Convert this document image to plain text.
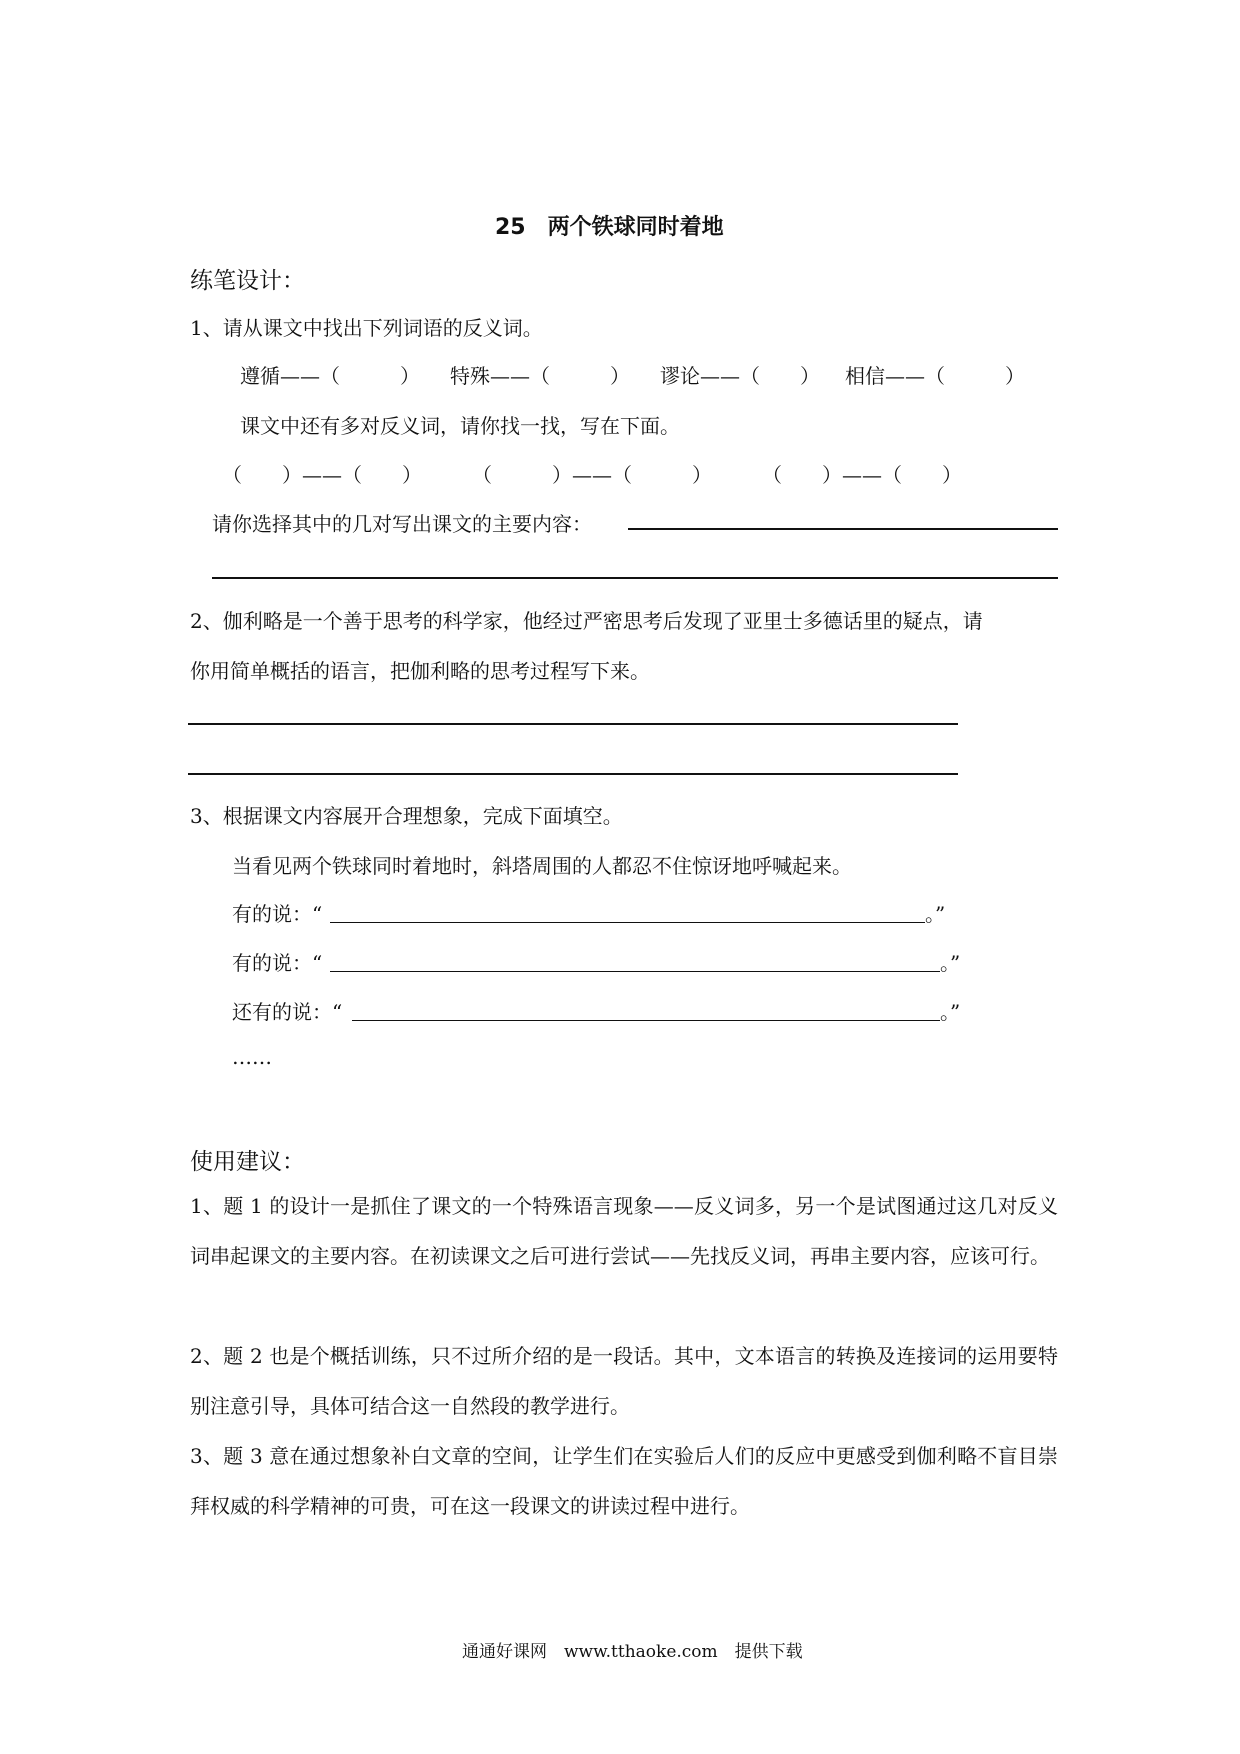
25　两个铁球同时着地
练笔设计：
1、请从课文中找出下列词语的反义词。
遵循——（　　　） 特殊——（　　　） 谬论——（　　） 相信——（　　　）
课文中还有多对反义词，请你找一找，写在下面。
（　　）——（　　）	（　　　）——（　　　）	（　　）——（　　）
请你选择其中的几对写出课文的主要内容：
2、伽利略是一个善于思考的科学家，他经过严密思考后发现了亚里士多德话里的疑点，请
你用简单概括的语言，把伽利略的思考过程写下来。
3、根据课文内容展开合理想象，完成下面填空。
当看见两个铁球同时着地时，斜塔周围的人都忍不住惊讶地呼喊起来。
有的说：“	。”
有的说：“	。”
还有的说：“	。”
……
使用建议：
1、题 1 的设计一是抓住了课文的一个特殊语言现象——反义词多，另一个是试图通过这几对反义词串起课文的主要内容。在初读课文之后可进行尝试——先找反义词，再串主要内容，应该可行。
2、题 2 也是个概括训练，只不过所介绍的是一段话。其中，文本语言的转换及连接词的运用要特别注意引导，具体可结合这一自然段的教学进行。
3、题 3 意在通过想象补白文章的空间，让学生们在实验后人们的反应中更感受到伽利略不盲目崇拜权威的科学精神的可贵，可在这一段课文的讲读过程中进行。
通通好课网　www.tthaoke.com　提供下载
